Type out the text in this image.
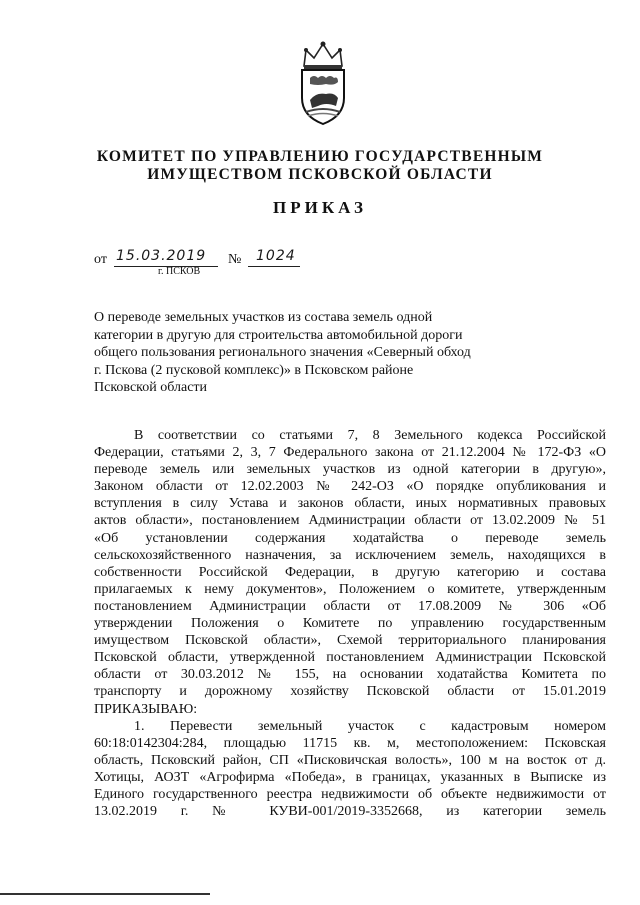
КОМИТЕТ ПО УПРАВЛЕНИЮ ГОСУДАРСТВЕННЫМ
ИМУЩЕСТВОМ ПСКОВСКОЙ ОБЛАСТИ
ПРИКАЗ
от 15.03.2019 № 1024
г. ПСКОВ
О переводе земельных участков из состава земель одной
категории в другую для строительства автомобильной дороги
общего пользования регионального значения «Северный обход
г. Пскова (2 пусковой комплекс)» в Псковском районе
Псковской области
В соответствии со статьями 7, 8 Земельного кодекса Российской
Федерации, статьями 2, 3, 7 Федерального закона от 21.12.2004 № 172-ФЗ «О
переводе земель или земельных участков из одной категории в другую»,
Законом области от 12.02.2003 № 242-ОЗ «О порядке опубликования и
вступления в силу Устава и законов области, иных нормативных правовых
актов области», постановлением Администрации области от 13.02.2009 № 51
«Об установлении содержания ходатайства о переводе земель
сельскохозяйственного назначения, за исключением земель, находящихся в
собственности Российской Федерации, в другую категорию и состава
прилагаемых к нему документов», Положением о комитете, утвержденным
постановлением Администрации области от 17.08.2009 № 306 «Об
утверждении Положения о Комитете по управлению государственным
имуществом Псковской области», Схемой территориального планирования
Псковской области, утвержденной постановлением Администрации Псковской
области от 30.03.2012 № 155, на основании ходатайства Комитета по
транспорту и дорожному хозяйству Псковской области от 15.01.2019
ПРИКАЗЫВАЮ:
1. Перевести земельный участок с кадастровым номером
60:18:0142304:284, площадью 11715 кв. м, местоположением: Псковская
область, Псковский район, СП «Писковичская волость», 100 м на восток от д.
Хотицы, АОЗТ «Агрофирма «Победа», в границах, указанных в Выписке из
Единого государственного реестра недвижимости об объекте недвижимости от
13.02.2019 г. № КУВИ-001/2019-3352668, из категории земель
